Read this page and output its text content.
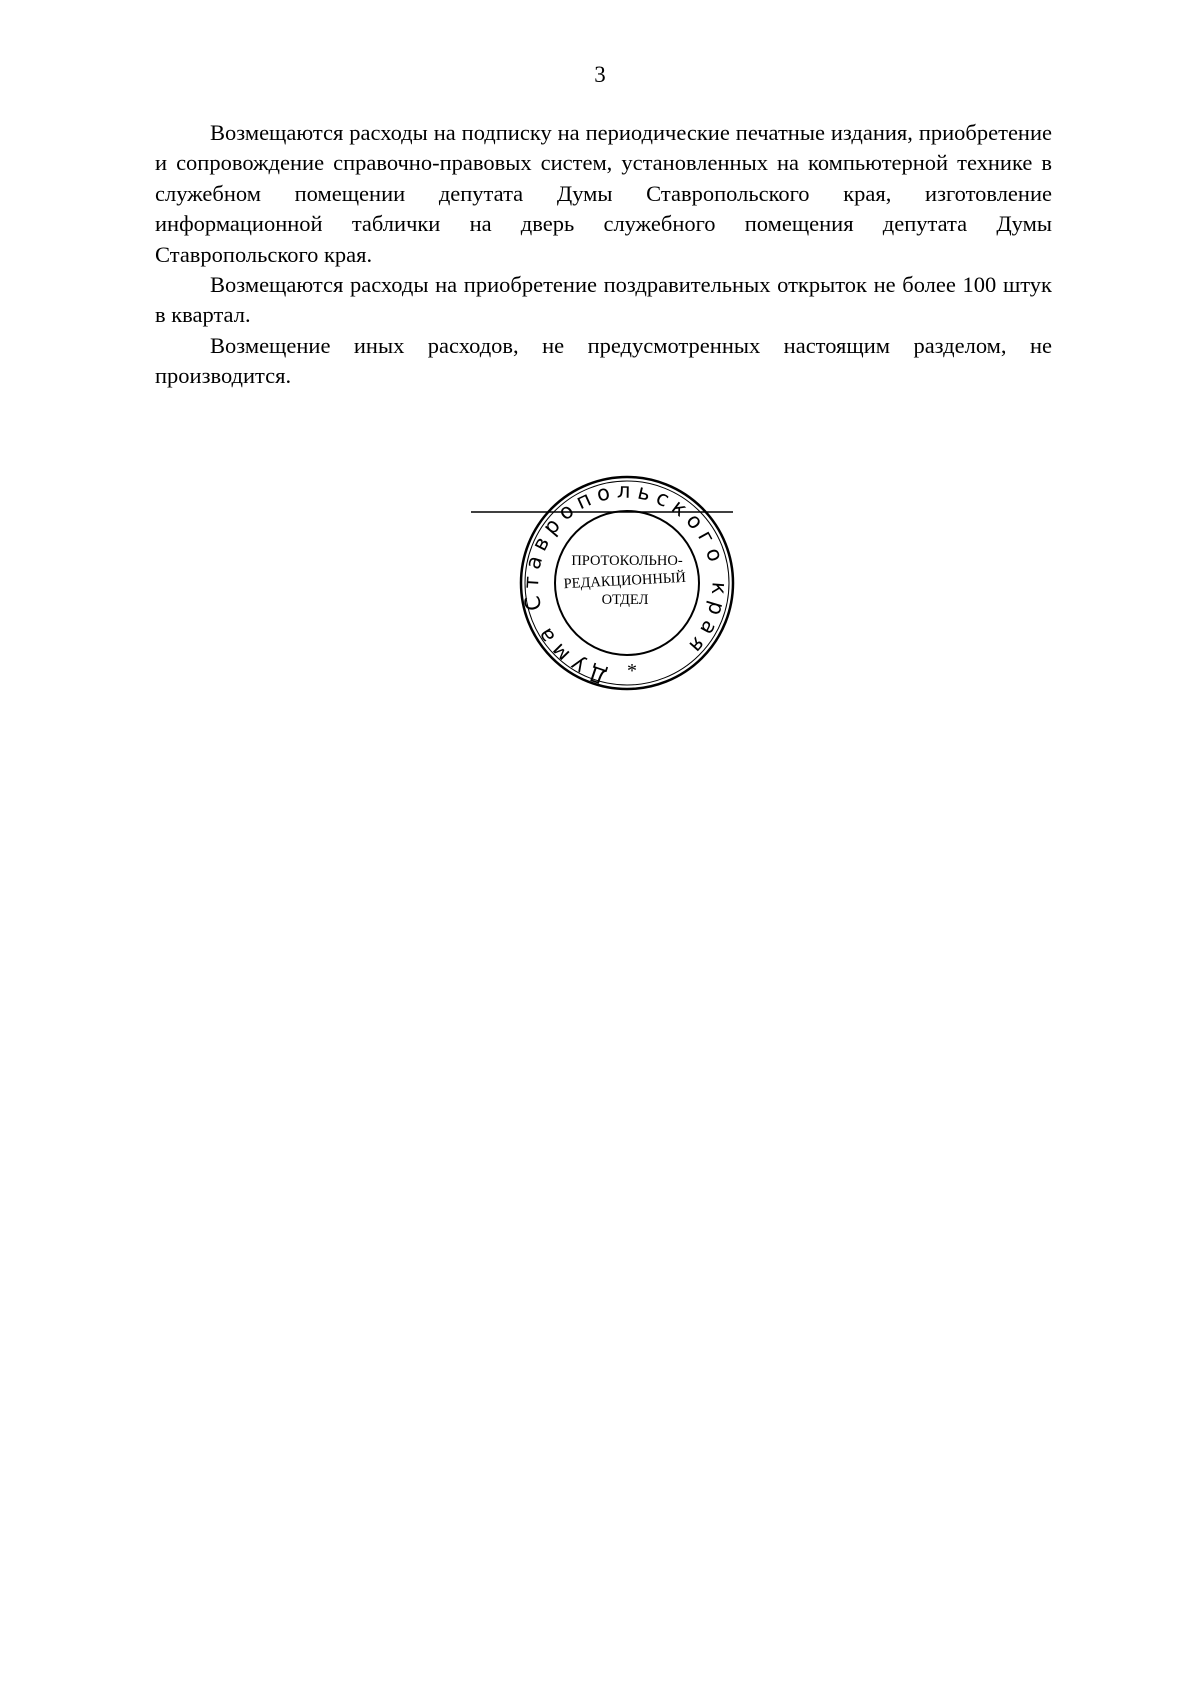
3

Возмещаются расходы на подписку на периодические печатные издания, приобретение и сопровождение справочно-правовых систем, установленных на компьютерной технике в служебном помещении депутата Думы Ставропольского края, изготовление информационной таблички на дверь служебного помещения депутата Думы Ставропольского края.

Возмещаются расходы на приобретение поздравительных открыток не более 100 штук в квартал.

Возмещение иных расходов, не предусмотренных настоящим разделом, не производится.

Дума Ставропольского края
ПРОТОКОЛЬНО-
РЕДАКЦИОННЫЙ
ОТДЕЛ
*
